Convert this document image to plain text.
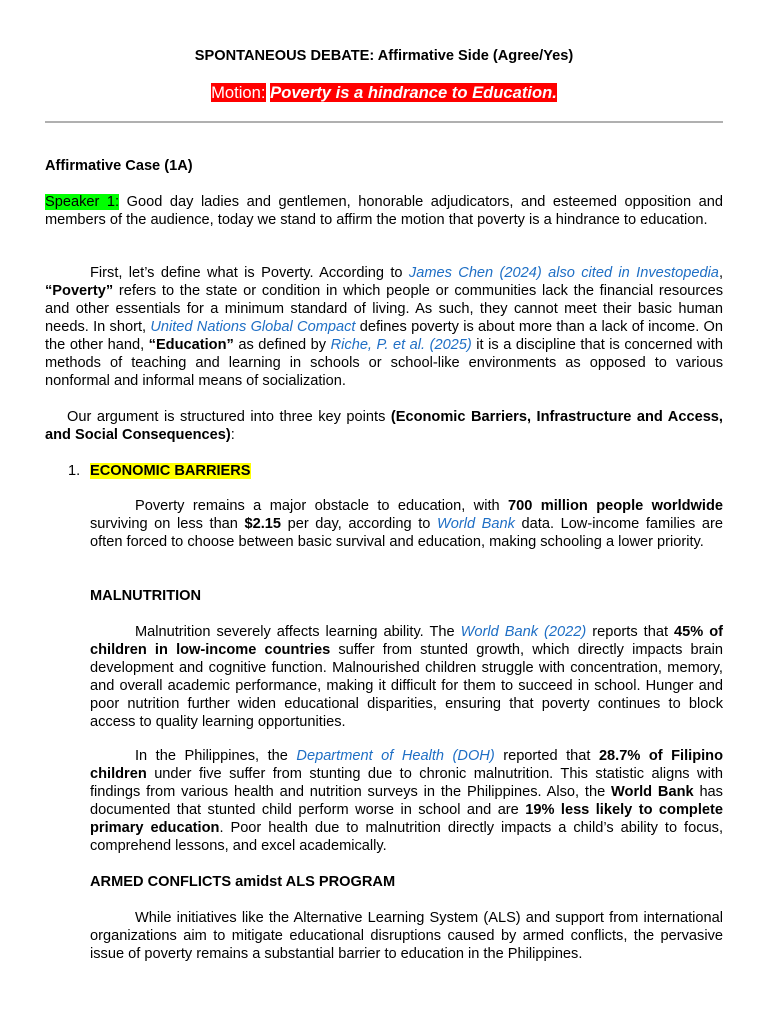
SPONTANEOUS DEBATE: Affirmative Side (Agree/Yes)
Motion: Poverty is a hindrance to Education.
Affirmative Case (1A)
Speaker 1: Good day ladies and gentlemen, honorable adjudicators, and esteemed opposition and members of the audience, today we stand to affirm the motion that poverty is a hindrance to education.
First, let’s define what is Poverty. According to James Chen (2024) also cited in Investopedia, “Poverty” refers to the state or condition in which people or communities lack the financial resources and other essentials for a minimum standard of living. As such, they cannot meet their basic human needs. In short, United Nations Global Compact defines poverty is about more than a lack of income. On the other hand, “Education” as defined by Riche, P. et al. (2025) it is a discipline that is concerned with methods of teaching and learning in schools or school-like environments as opposed to various nonformal and informal means of socialization.
Our argument is structured into three key points (Economic Barriers, Infrastructure and Access, and Social Consequences):
1. ECONOMIC BARRIERS
Poverty remains a major obstacle to education, with 700 million people worldwide surviving on less than $2.15 per day, according to World Bank data. Low-income families are often forced to choose between basic survival and education, making schooling a lower priority.
MALNUTRITION
Malnutrition severely affects learning ability. The World Bank (2022) reports that 45% of children in low-income countries suffer from stunted growth, which directly impacts brain development and cognitive function. Malnourished children struggle with concentration, memory, and overall academic performance, making it difficult for them to succeed in school. Hunger and poor nutrition further widen educational disparities, ensuring that poverty continues to block access to quality learning opportunities.
In the Philippines, the Department of Health (DOH) reported that 28.7% of Filipino children under five suffer from stunting due to chronic malnutrition. This statistic aligns with findings from various health and nutrition surveys in the Philippines. Also, the World Bank has documented that stunted child perform worse in school and are 19% less likely to complete primary education. Poor health due to malnutrition directly impacts a child’s ability to focus, comprehend lessons, and excel academically.
ARMED CONFLICTS amidst ALS PROGRAM
While initiatives like the Alternative Learning System (ALS) and support from international organizations aim to mitigate educational disruptions caused by armed conflicts, the pervasive issue of poverty remains a substantial barrier to education in the Philippines.
